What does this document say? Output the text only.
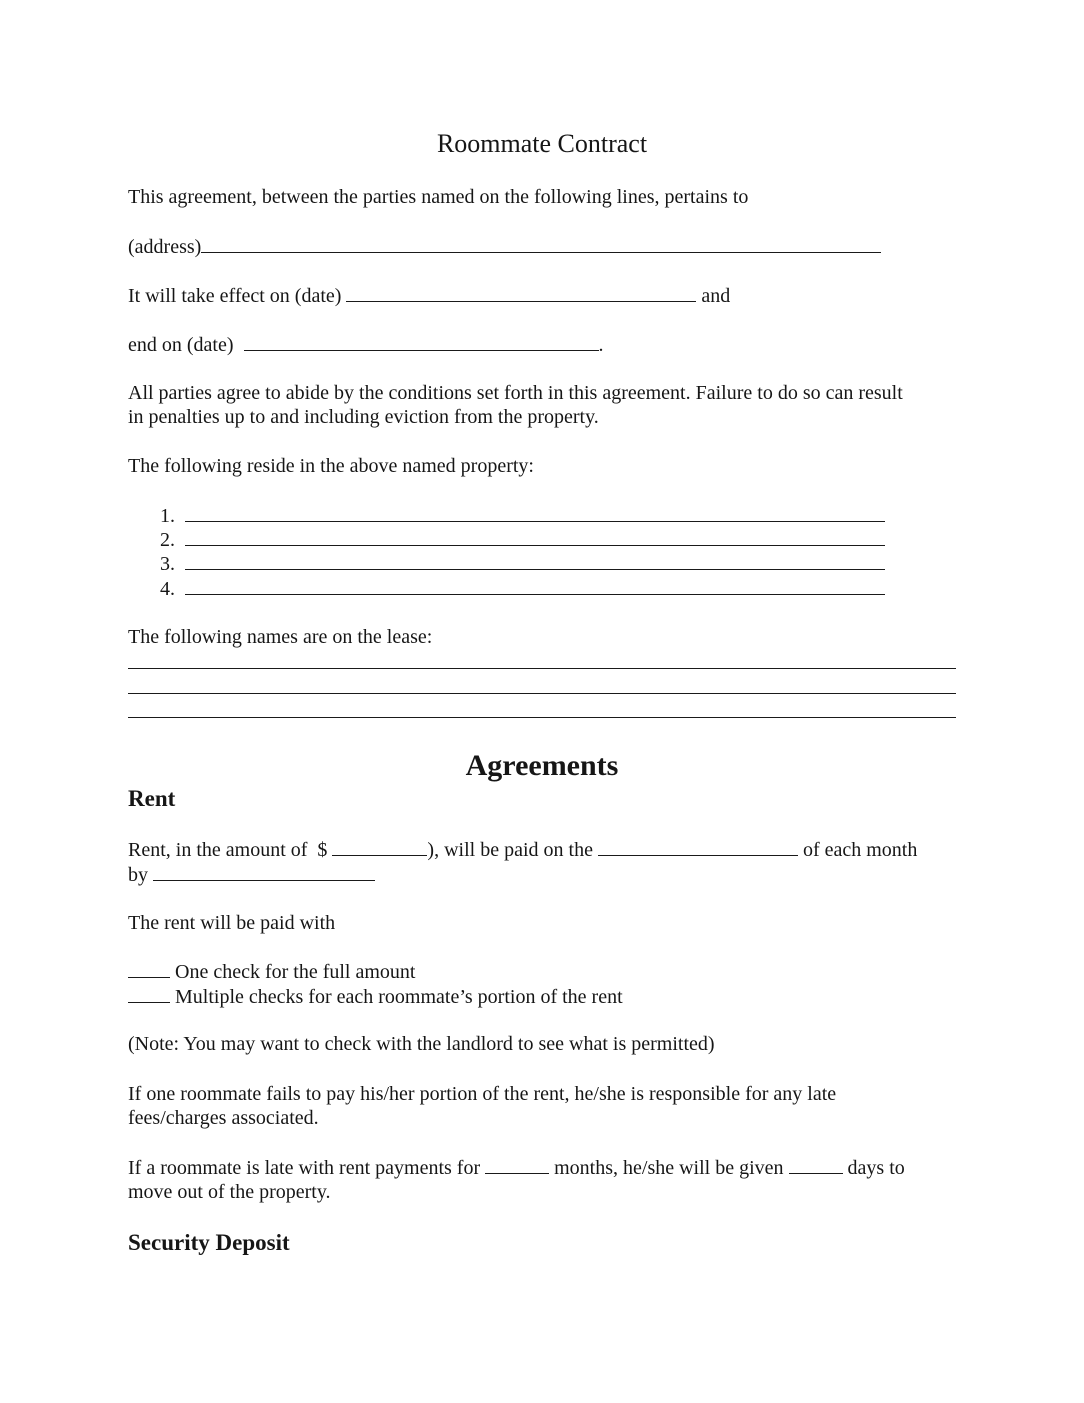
Roommate Contract
This agreement, between the parties named on the following lines, pertains to
(address)
It will take effect on (date)	and
end on (date)	.
All parties agree to abide by the conditions set forth in this agreement. Failure to do so can result
in penalties up to and including eviction from the property.
The following reside in the above named property:
1.
2.
3.
4.
The following names are on the lease:
Agreements
Rent
Rent, in the amount of  $	), will be paid on the	of each month
by
The rent will be paid with
One check for the full amount
Multiple checks for each roommate’s portion of the rent
(Note: You may want to check with the landlord to see what is permitted)
If one roommate fails to pay his/her portion of the rent, he/she is responsible for any late
fees/charges associated.
If a roommate is late with rent payments for	months, he/she will be given	days to
move out of the property.
Security Deposit
